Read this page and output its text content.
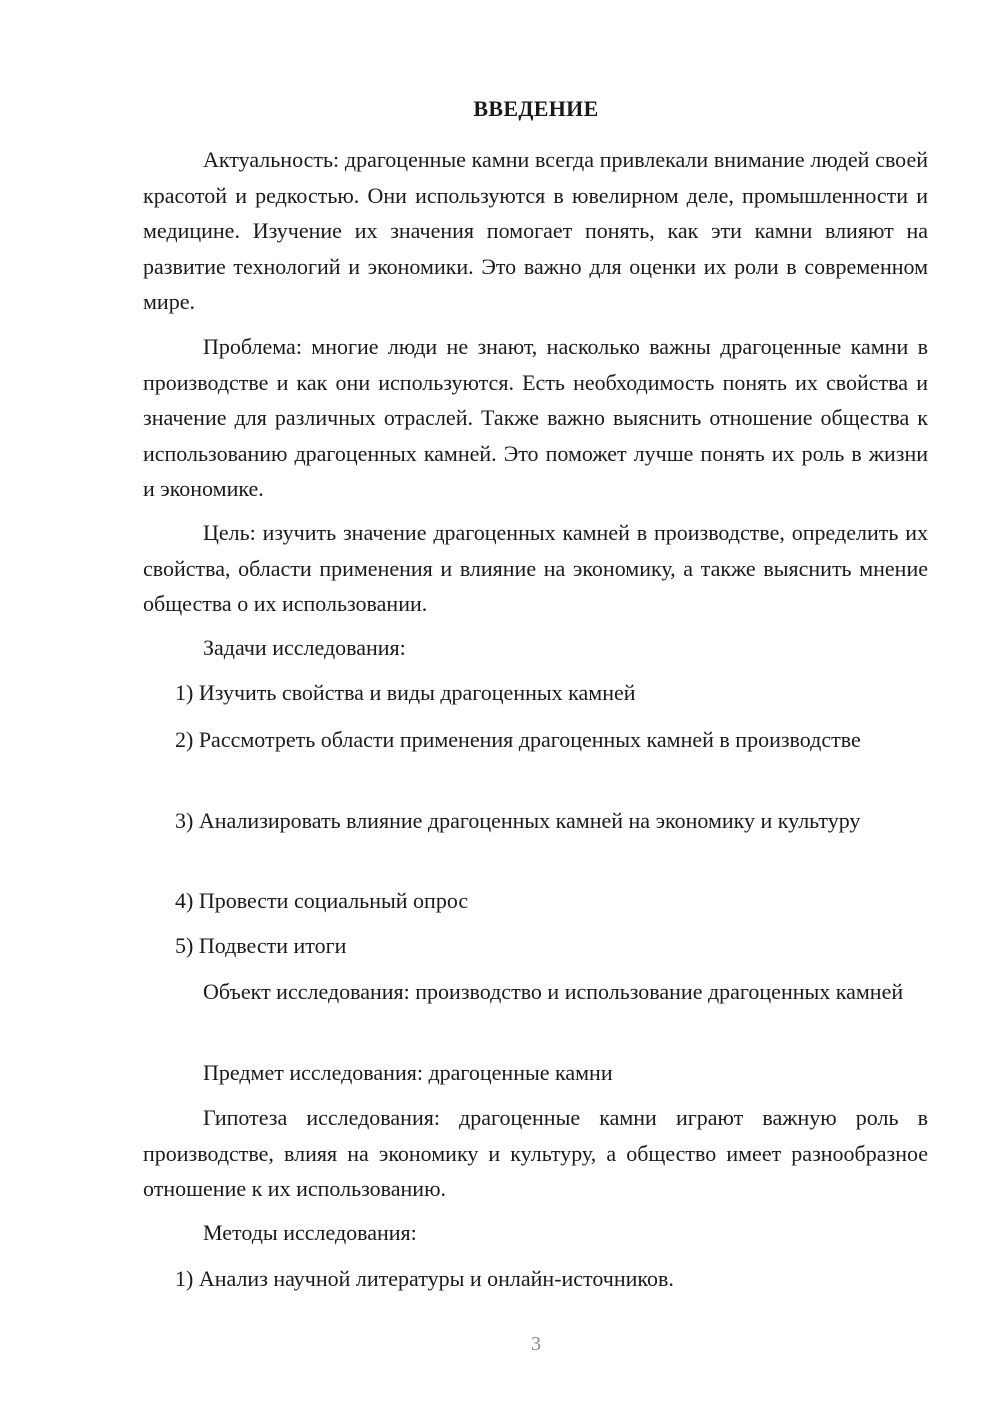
ВВЕДЕНИЕ

Актуальность: драгоценные камни всегда привлекали внимание людей своей красотой и редкостью. Они используются в ювелирном деле, промышленности и медицине. Изучение их значения помогает понять, как эти камни влияют на развитие технологий и экономики. Это важно для оценки их роли в современном мире.

Проблема: многие люди не знают, насколько важны драгоценные камни в производстве и как они используются. Есть необходимость понять их свойства и значение для различных отраслей. Также важно выяснить отношение общества к использованию драгоценных камней. Это поможет лучше понять их роль в жизни и экономике.

Цель: изучить значение драгоценных камней в производстве, определить их свойства, области применения и влияние на экономику, а также выяснить мнение общества о их использовании.

Задачи исследования:

1) Изучить свойства и виды драгоценных камней

2) Рассмотреть области применения драгоценных камней в производстве

3) Анализировать влияние драгоценных камней на экономику и культуру

4) Провести социальный опрос

5) Подвести итоги

Объект исследования: производство и использование драгоценных камней

Предмет исследования: драгоценные камни

Гипотеза исследования: драгоценные камни играют важную роль в производстве, влияя на экономику и культуру, а общество имеет разнообразное отношение к их использованию.

Методы исследования:

1) Анализ научной литературы и онлайн-источников.

3
